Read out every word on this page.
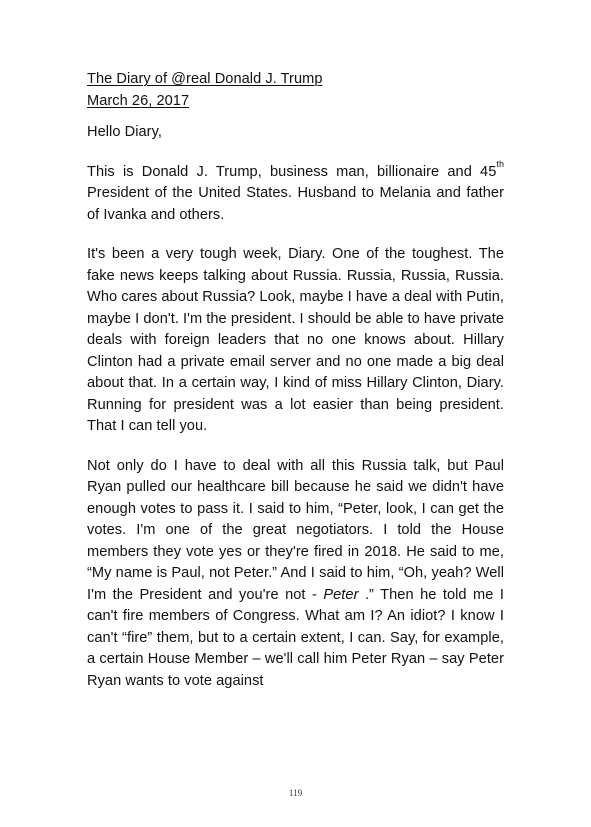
The Diary of @real Donald J. Trump
March 26, 2017
Hello Diary,

This is Donald J. Trump, business man, billionaire and 45th President of the United States. Husband to Melania and father of Ivanka and others.

It's been a very tough week, Diary. One of the toughest. The fake news keeps talking about Russia. Russia, Russia, Russia. Who cares about Russia? Look, maybe I have a deal with Putin, maybe I don't. I'm the president. I should be able to have private deals with foreign leaders that no one knows about. Hillary Clinton had a private email server and no one made a big deal about that. In a certain way, I kind of miss Hillary Clinton, Diary. Running for president was a lot easier than being president. That I can tell you.

Not only do I have to deal with all this Russia talk, but Paul Ryan pulled our healthcare bill because he said we didn't have enough votes to pass it. I said to him, “Peter, look, I can get the votes. I'm one of the great negotiators. I told the House members they vote yes or they're fired in 2018. He said to me, “My name is Paul, not Peter.” And I said to him, “Oh, yeah? Well I'm the President and you're not - Peter .” Then he told me I can't fire members of Congress. What am I? An idiot? I know I can't “fire” them, but to a certain extent, I can. Say, for example, a certain House Member – we'll call him Peter Ryan – say Peter Ryan wants to vote against

119
